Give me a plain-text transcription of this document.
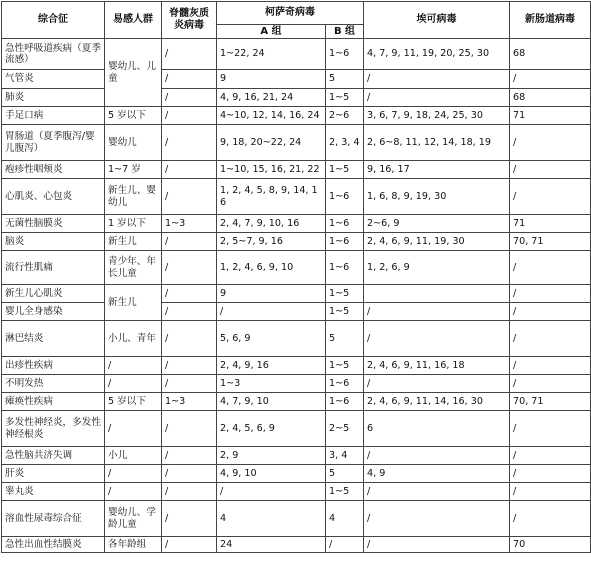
综合征	易感人群	脊髓灰质炎病毒	柯萨奇病毒		埃可病毒	新肠道病毒
			A 组	B 组		
急性呼吸道疾病（夏季流感）	婴幼儿、儿童	/	1~22, 24	1~6	4, 7, 9, 11, 19, 20, 25, 30	68
气管炎		/	9	5	/	/
肺炎		/	4, 9, 16, 21, 24	1~5	/	68
手足口病	5 岁以下	/	4~10, 12, 14, 16, 24	2~6	3, 6, 7, 9, 18, 24, 25, 30	71
胃肠道（夏季腹泻/婴儿腹泻）	婴幼儿	/	9, 18, 20~22, 24	2, 3, 4	2, 6~8, 11, 12, 14, 18, 19	/
疱疹性咽颊炎	1~7 岁	/	1~10, 15, 16, 21, 22	1~5	9, 16, 17	/
心肌炎、心包炎	新生儿、婴幼儿	/	1, 2, 4, 5, 8, 9, 14, 16	1~6	1, 6, 8, 9, 19, 30	/
无菌性脑膜炎	1 岁以下	1~3	2, 4, 7, 9, 10, 16	1~6	2~6, 9	71
脑炎	新生儿	/	2, 5~7, 9, 16	1~6	2, 4, 6, 9, 11, 19, 30	70, 71
流行性肌痛	青少年、年长儿童	/	1, 2, 4, 6, 9, 10	1~6	1, 2, 6, 9	/
新生儿心肌炎	新生儿	/	9	1~5		/
婴儿全身感染		/	/	1~5	/	/
淋巴结炎	小儿、青年	/	5, 6, 9	5	/	/
出疹性疾病	/	/	2, 4, 9, 16	1~5	2, 4, 6, 9, 11, 16, 18	/
不明发热	/	/	1~3	1~6	/	/
瘫痪性疾病	5 岁以下	1~3	4, 7, 9, 10	1~6	2, 4, 6, 9, 11, 14, 16, 30	70, 71
多发性神经炎，多发性神经根炎	/	/	2, 4, 5, 6, 9	2~5	6	/
急性脑共济失调	小儿	/	2, 9	3, 4	/	/
肝炎	/	/	4, 9, 10	5	4, 9	/
睾丸炎	/	/	/	1~5	/	/
溶血性尿毒综合征	婴幼儿、学龄儿童	/	4	4	/	/
急性出血性结膜炎	各年龄组	/	24	/	/	70
